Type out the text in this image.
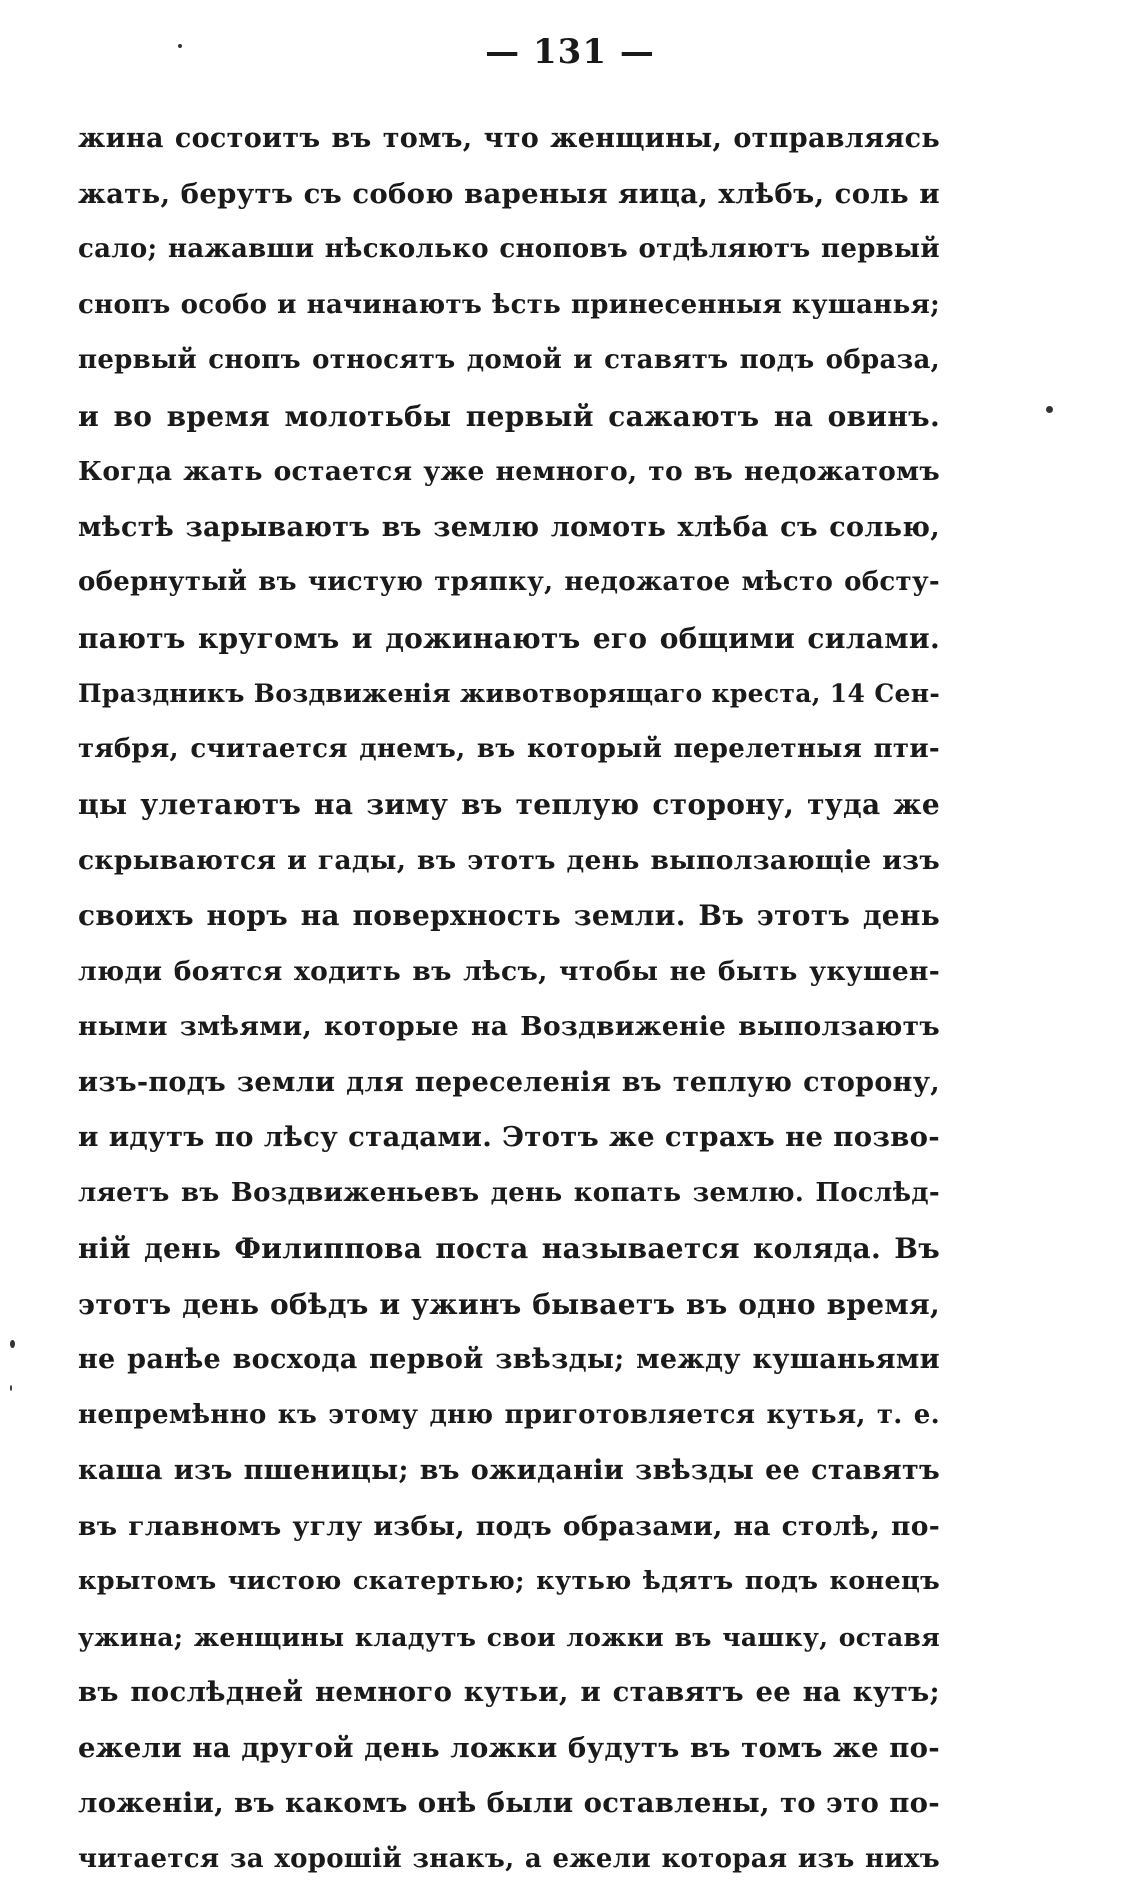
— 131 —
жина состоитъ въ томъ, что женщины, отправляясь
жать, берутъ съ собою вареныя яица, хлѣбъ, соль и
сало; нажавши нѣсколько сноповъ отдѣляютъ первый
снопъ особо и начинаютъ ѣсть принесенныя кушанья;
первый снопъ относятъ домой и ставятъ подъ образа,
и во время молотьбы первый сажаютъ на овинъ.
Когда жать остается уже немного, то въ недожатомъ
мѣстѣ зарываютъ въ землю ломоть хлѣба съ солью,
обернутый въ чистую тряпку, недожатое мѣсто обсту-
паютъ кругомъ и дожинаютъ его общими силами.
Праздникъ Воздвиженія животворящаго креста, 14 Сен-
тября, считается днемъ, въ который перелетныя пти-
цы улетаютъ на зиму въ теплую сторону, туда же
скрываются и гады, въ этотъ день выползающіе изъ
своихъ норъ на поверхность земли. Въ этотъ день
люди боятся ходить въ лѣсъ, чтобы не быть укушен-
ными змѣями, которые на Воздвиженіе выползаютъ
изъ-подъ земли для переселенія въ теплую сторону,
и идутъ по лѣсу стадами. Этотъ же страхъ не позво-
ляетъ въ Воздвиженьевъ день копать землю. Послѣд-
ній день Филиппова поста называется коляда. Въ
этотъ день обѣдъ и ужинъ бываетъ въ одно время,
не ранѣе восхода первой звѣзды; между кушаньями
непремѣнно къ этому дню приготовляется кутья, т. е.
каша изъ пшеницы; въ ожиданіи звѣзды ее ставятъ
въ главномъ углу избы, подъ образами, на столѣ, по-
крытомъ чистою скатертью; кутью ѣдятъ подъ конецъ
ужина; женщины кладутъ свои ложки въ чашку, оставя
въ послѣдней немного кутьи, и ставятъ ее на кутъ;
ежели на другой день ложки будутъ въ томъ же по-
ложеніи, въ какомъ онѣ были оставлены, то это по-
читается за хорошій знакъ, а ежели которая изъ нихъ
